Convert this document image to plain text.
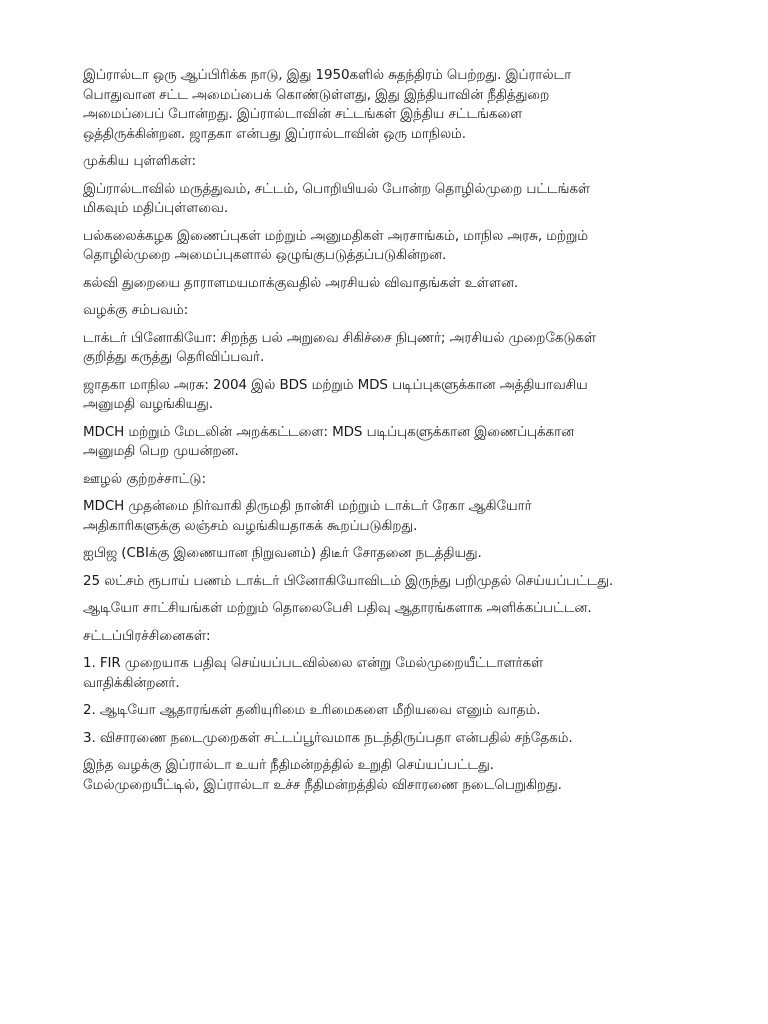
இப்ரால்டா ஒரு ஆப்பிரிக்க நாடு, இது 1950களில் சுதந்திரம் பெற்றது. இப்ரால்டா
பொதுவான சட்ட அமைப்பைக் கொண்டுள்ளது, இது இந்தியாவின் நீதித்துறை
அமைப்பைப் போன்றது. இப்ரால்டாவின் சட்டங்கள் இந்திய சட்டங்களை
ஒத்திருக்கின்றன. ஜாதகா என்பது இப்ரால்டாவின் ஒரு மாநிலம்.

முக்கிய புள்ளிகள்:

இப்ரால்டாவில் மருத்துவம், சட்டம், பொறியியல் போன்ற தொழில்முறை பட்டங்கள்
மிகவும் மதிப்புள்ளவை.

பல்கலைக்கழக இணைப்புகள் மற்றும் அனுமதிகள் அரசாங்கம், மாநில அரசு, மற்றும்
தொழில்முறை அமைப்புகளால் ஒழுங்குபடுத்தப்படுகின்றன.

கல்வி துறையை தாராளமயமாக்குவதில் அரசியல் விவாதங்கள் உள்ளன.

வழக்கு சம்பவம்:

டாக்டர் பினோகியோ: சிறந்த பல் அறுவை சிகிச்சை நிபுணர்; அரசியல் முறைகேடுகள்
குறித்து கருத்து தெரிவிப்பவர்.

ஜாதகா மாநில அரசு: 2004 இல் BDS மற்றும் MDS படிப்புகளுக்கான அத்தியாவசிய
அனுமதி வழங்கியது.

MDCH மற்றும் மேடலின் அறக்கட்டளை: MDS படிப்புகளுக்கான இணைப்புக்கான
அனுமதி பெற முயன்றன.

ஊழல் குற்றச்சாட்டு:

MDCH முதன்மை நிர்வாகி திருமதி நான்சி மற்றும் டாக்டர் ரேகா ஆகியோர்
அதிகாரிகளுக்கு லஞ்சம் வழங்கியதாகக் கூறப்படுகிறது.

ஐபிஜ (CBIக்கு இணையான நிறுவனம்) திடீர் சோதனை நடத்தியது.

25 லட்சம் ரூபாய் பணம் டாக்டர் பினோகியோவிடம் இருந்து பறிமுதல் செய்யப்பட்டது.

ஆடியோ சாட்சியங்கள் மற்றும் தொலைபேசி பதிவு ஆதாரங்களாக அளிக்கப்பட்டன.

சட்டப்பிரச்சினைகள்:

1. FIR முறையாக பதிவு செய்யப்படவில்லை என்று மேல்முறையீட்டாளர்கள்
வாதிக்கின்றனர்.

2. ஆடியோ ஆதாரங்கள் தனியுரிமை உரிமைகளை மீறியவை எனும் வாதம்.

3. விசாரணை நடைமுறைகள் சட்டப்பூர்வமாக நடந்திருப்பதா என்பதில் சந்தேகம்.

இந்த வழக்கு இப்ரால்டா உயர் நீதிமன்றத்தில் உறுதி செய்யப்பட்டது.
மேல்முறையீட்டில், இப்ரால்டா உச்ச நீதிமன்றத்தில் விசாரணை நடைபெறுகிறது.
